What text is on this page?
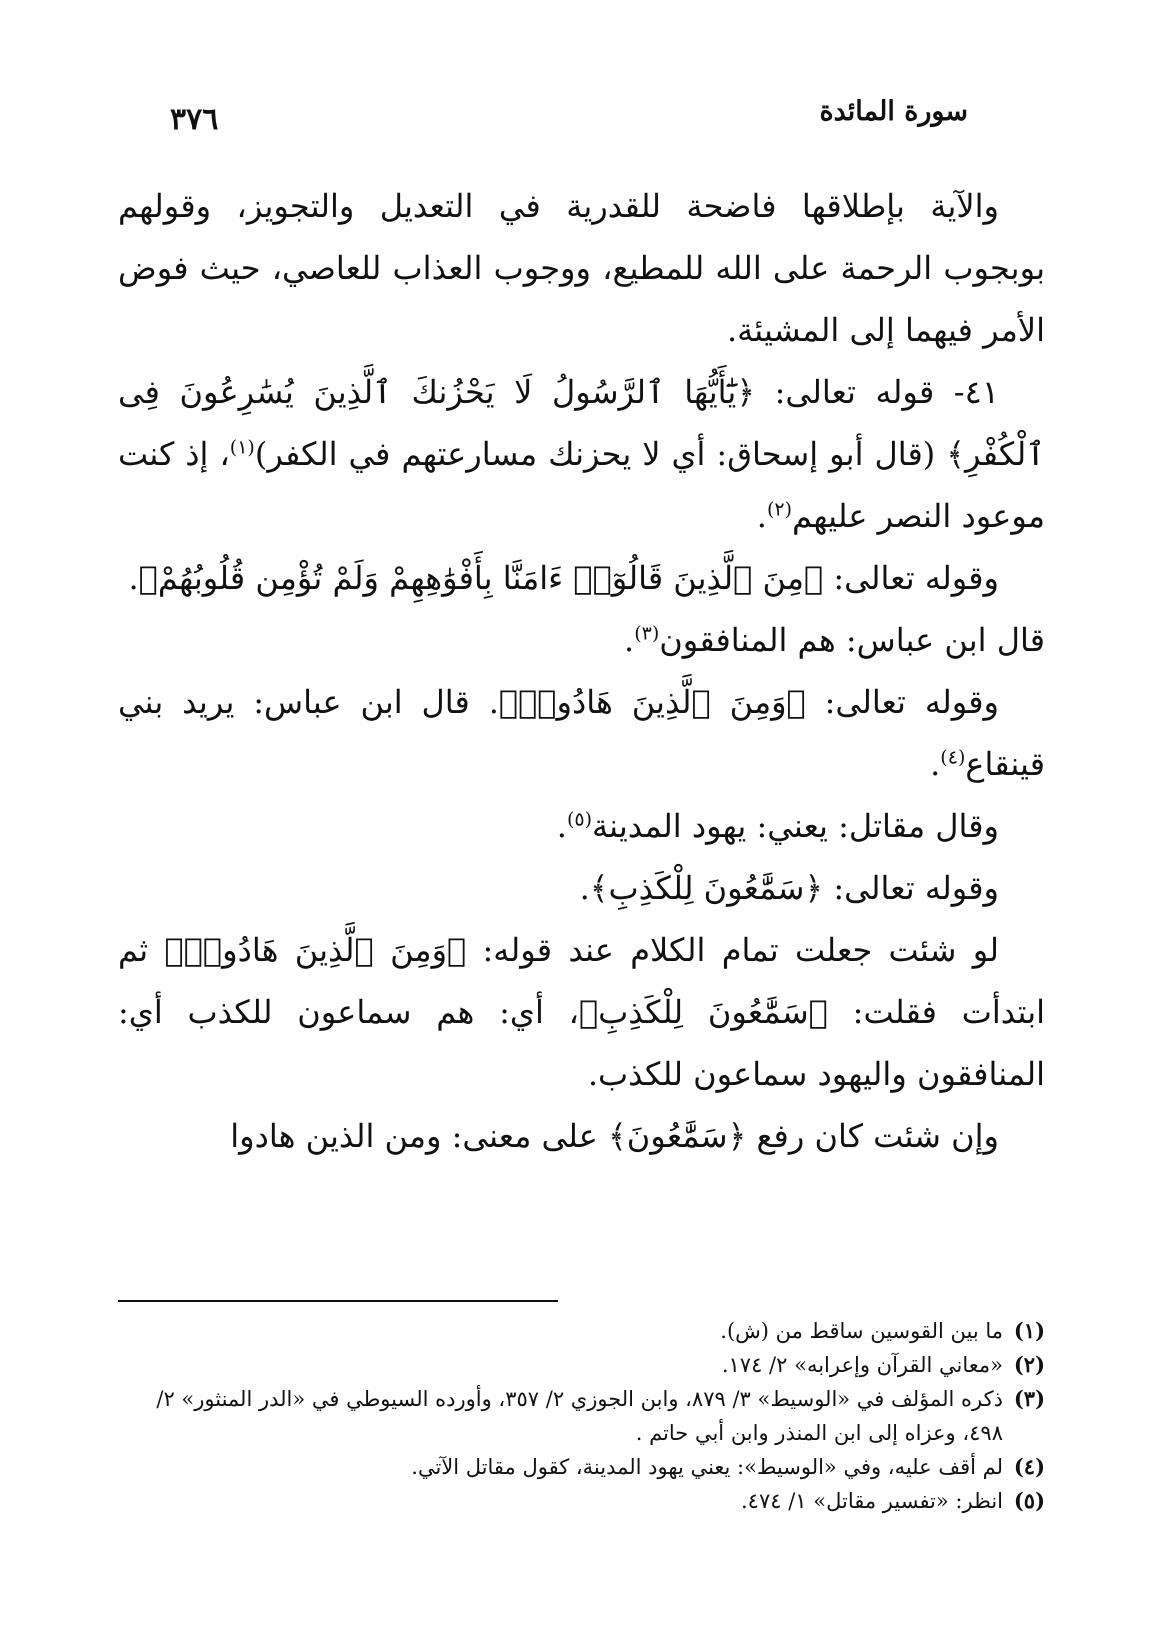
سورة المائدة
٣٧٦

والآية بإطلاقها فاضحة للقدرية في التعديل والتجويز، وقولهم بوبجوب الرحمة على الله للمطيع، ووجوب العذاب للعاصي، حيث فوض الأمر فيهما إلى المشيئة.

٤١- قوله تعالى: ﴿يَٰٓأَيُّهَا ٱلرَّسُولُ لَا يَحْزُنكَ ٱلَّذِينَ يُسَٰرِعُونَ فِى ٱلْكُفْرِ﴾ (قال أبو إسحاق: أي لا يحزنك مسارعتهم في الكفر)$^{(١)}$، إذ كنت موعود النصر عليهم$^{(٢)}$.

وقوله تعالى: ﴿مِنَ ٱلَّذِينَ قَالُوٓا۟ ءَامَنَّا بِأَفْوَٰهِهِمْ وَلَمْ تُؤْمِن قُلُوبُهُمْ﴾.

قال ابن عباس: هم المنافقون$^{(٣)}$.

وقوله تعالى: ﴿وَمِنَ ٱلَّذِينَ هَادُوا۟﴾. قال ابن عباس: يريد بني قينقاع$^{(٤)}$.

وقال مقاتل: يعني: يهود المدينة$^{(٥)}$.

وقوله تعالى: ﴿سَمَّٰعُونَ لِلْكَذِبِ﴾.

لو شئت جعلت تمام الكلام عند قوله: ﴿وَمِنَ ٱلَّذِينَ هَادُوا۟﴾ ثم ابتدأت فقلت: ﴿سَمَّٰعُونَ لِلْكَذِبِ﴾، أي: هم سماعون للكذب أي: المنافقون واليهود سماعون للكذب.

وإن شئت كان رفع ﴿سَمَّٰعُونَ﴾ على معنى: ومن الذين هادوا

(١)
ما بين القوسين ساقط من (ش).
(٢)
«معاني القرآن وإعرابه» ٢/ ١٧٤.
(٣)
ذكره المؤلف في «الوسيط» ٣/ ٨٧٩، وابن الجوزي ٢/ ٣٥٧، وأورده السيوطي في «الدر المنثور» ٢/ ٤٩٨، وعزاه إلى ابن المنذر وابن أبي حاتم .
(٤)
لم أقف عليه، وفي «الوسيط»: يعني يهود المدينة، كقول مقاتل الآتي.
(٥)
انظر: «تفسير مقاتل» ١/ ٤٧٤.
